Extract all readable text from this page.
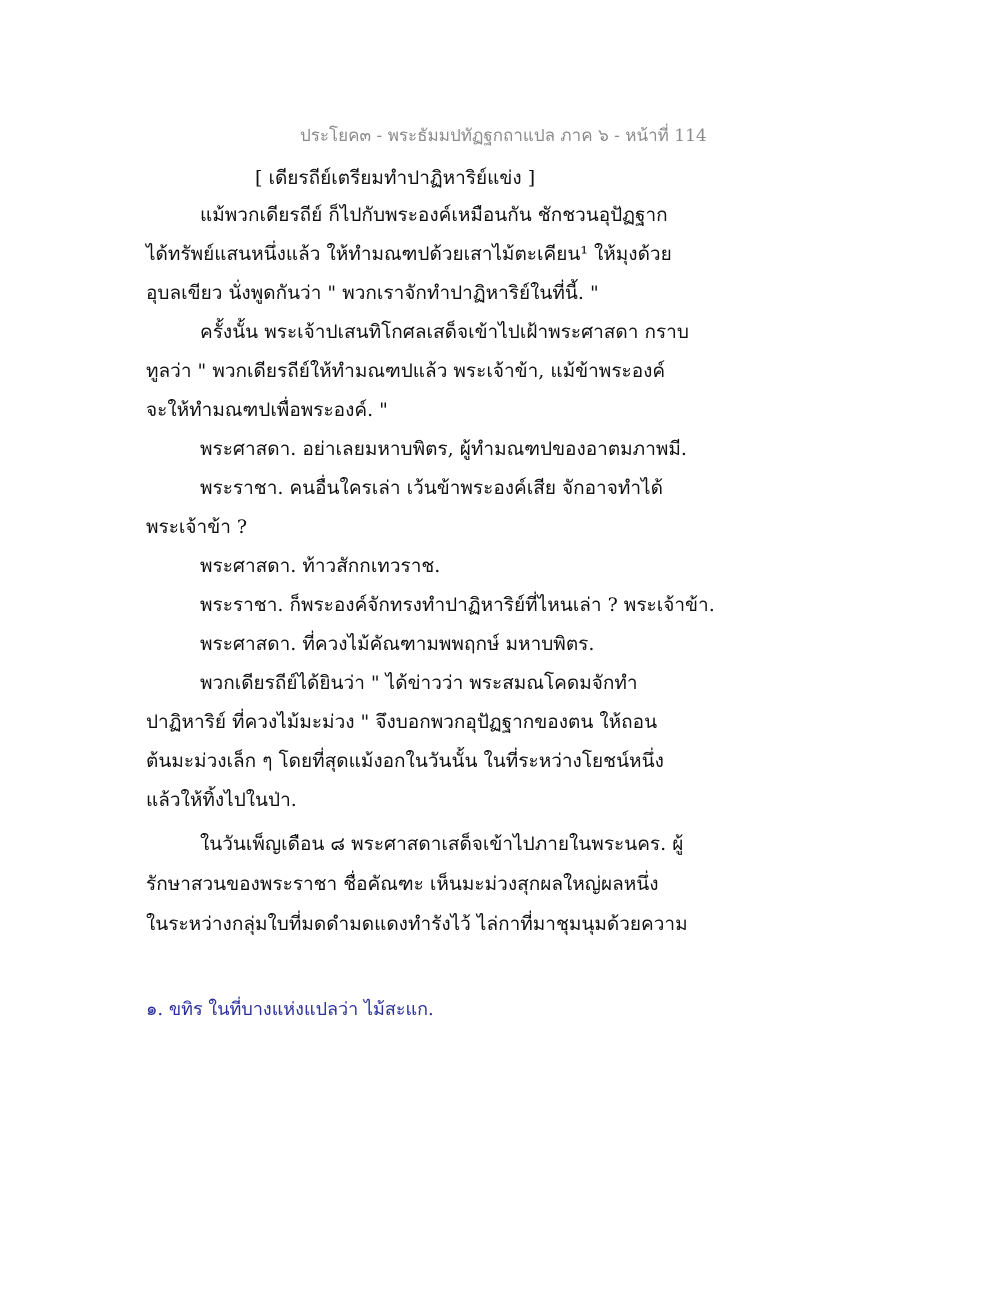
ประโยค๓ - พระธัมมปทัฏฐกถาแปล ภาค ๖ - หน้าที่ 114
[ เดียรถีย์เตรียมทำปาฏิหาริย์แข่ง ]
แม้พวกเดียรถีย์ ก็ไปกับพระองค์เหมือนกัน ชักชวนอุปัฏฐาก
ได้ทรัพย์แสนหนึ่งแล้ว ให้ทำมณฑปด้วยเสาไม้ตะเคียน¹ ให้มุงด้วย
อุบลเขียว นั่งพูดกันว่า " พวกเราจักทำปาฏิหาริย์ในที่นี้. "
ครั้งนั้น พระเจ้าปเสนทิโกศลเสด็จเข้าไปเฝ้าพระศาสดา กราบ
ทูลว่า " พวกเดียรถีย์ให้ทำมณฑปแล้ว พระเจ้าข้า, แม้ข้าพระองค์
จะให้ทำมณฑปเพื่อพระองค์. "
พระศาสดา. อย่าเลยมหาบพิตร, ผู้ทำมณฑปของอาตมภาพมี.
พระราชา. คนอื่นใครเล่า เว้นข้าพระองค์เสีย จักอาจทำได้
พระเจ้าข้า ?
พระศาสดา. ท้าวสักกเทวราช.
พระราชา. ก็พระองค์จักทรงทำปาฏิหาริย์ที่ไหนเล่า ? พระเจ้าข้า.
พระศาสดา. ที่ควงไม้คัณฑามพพฤกษ์ มหาบพิตร.
พวกเดียรถีย์ได้ยินว่า " ได้ข่าวว่า พระสมณโคดมจักทำ
ปาฏิหาริย์ ที่ควงไม้มะม่วง " จึงบอกพวกอุปัฏฐากของตน ให้ถอน
ต้นมะม่วงเล็ก ๆ โดยที่สุดแม้งอกในวันนั้น ในที่ระหว่างโยชน์หนึ่ง
แล้วให้ทิ้งไปในป่า.
ในวันเพ็ญเดือน ๘ พระศาสดาเสด็จเข้าไปภายในพระนคร. ผู้
รักษาสวนของพระราชา ชื่อคัณฑะ เห็นมะม่วงสุกผลใหญ่ผลหนึ่ง
ในระหว่างกลุ่มใบที่มดดำมดแดงทำรังไว้ ไล่กาที่มาชุมนุมด้วยความ
๑. ขทิร ในที่บางแห่งแปลว่า ไม้สะแก.
